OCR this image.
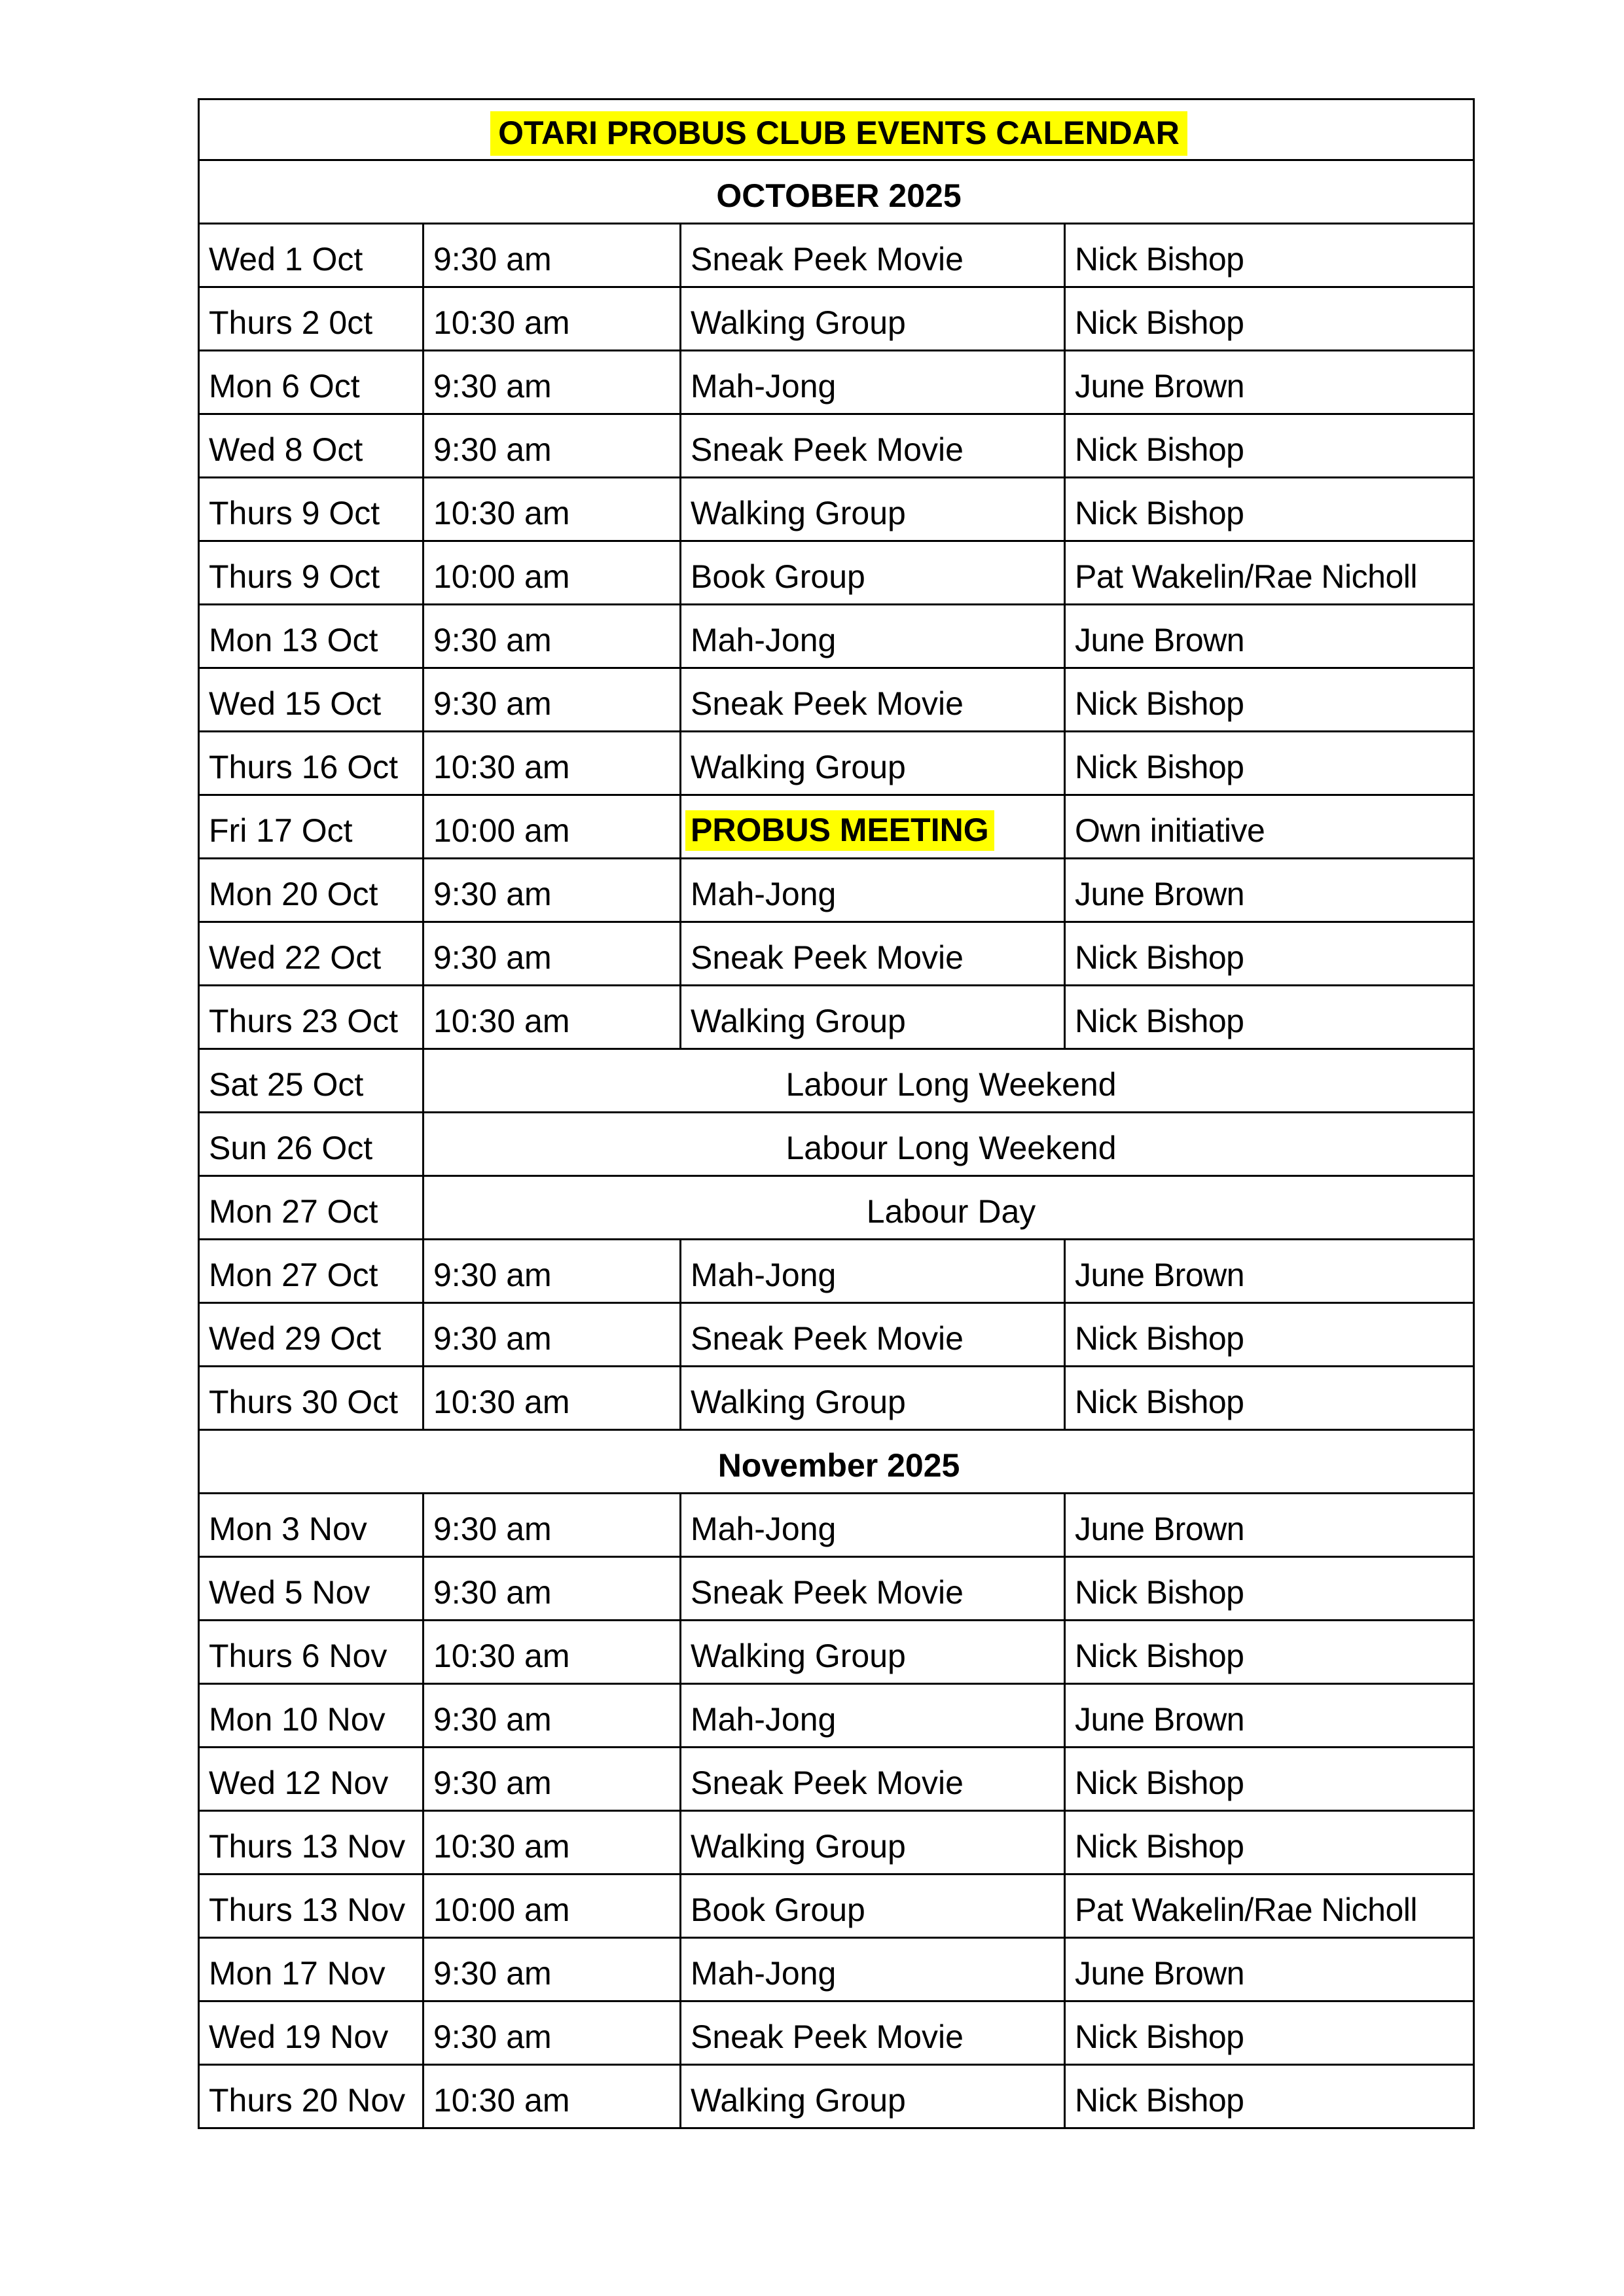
OTARI PROBUS CLUB EVENTS CALENDAR			
OCTOBER 2025			
Wed 1 Oct	9:30 am	Sneak Peek Movie	Nick Bishop
Thurs 2 0ct	10:30 am	Walking Group	Nick Bishop
Mon 6 Oct	9:30 am	Mah-Jong	June Brown
Wed 8 Oct	9:30 am	Sneak Peek Movie	Nick Bishop
Thurs 9 Oct	10:30 am	Walking Group	Nick Bishop
Thurs 9 Oct	10:00 am	Book Group	Pat Wakelin/Rae Nicholl
Mon 13 Oct	9:30 am	Mah-Jong	June Brown
Wed 15 Oct	9:30 am	Sneak Peek Movie	Nick Bishop
Thurs 16 Oct	10:30 am	Walking Group	Nick Bishop
Fri 17 Oct	10:00 am	PROBUS MEETING	Own initiative
Mon 20 Oct	9:30 am	Mah-Jong	June Brown
Wed 22 Oct	9:30 am	Sneak Peek Movie	Nick Bishop
Thurs 23 Oct	10:30 am	Walking Group	Nick Bishop
Sat 25 Oct	Labour Long Weekend		
Sun 26 Oct	Labour Long Weekend		
Mon 27 Oct	Labour Day		
Mon 27 Oct	9:30 am	Mah-Jong	June Brown
Wed 29 Oct	9:30 am	Sneak Peek Movie	Nick Bishop
Thurs 30 Oct	10:30 am	Walking Group	Nick Bishop
November 2025			
Mon 3 Nov	9:30 am	Mah-Jong	June Brown
Wed 5 Nov	9:30 am	Sneak Peek Movie	Nick Bishop
Thurs 6 Nov	10:30 am	Walking Group	Nick Bishop
Mon 10 Nov	9:30 am	Mah-Jong	June Brown
Wed 12 Nov	9:30 am	Sneak Peek Movie	Nick Bishop
Thurs 13 Nov	10:30 am	Walking Group	Nick Bishop
Thurs 13 Nov	10:00 am	Book Group	Pat Wakelin/Rae Nicholl
Mon 17 Nov	9:30 am	Mah-Jong	June Brown
Wed 19 Nov	9:30 am	Sneak Peek Movie	Nick Bishop
Thurs 20 Nov	10:30 am	Walking Group	Nick Bishop
